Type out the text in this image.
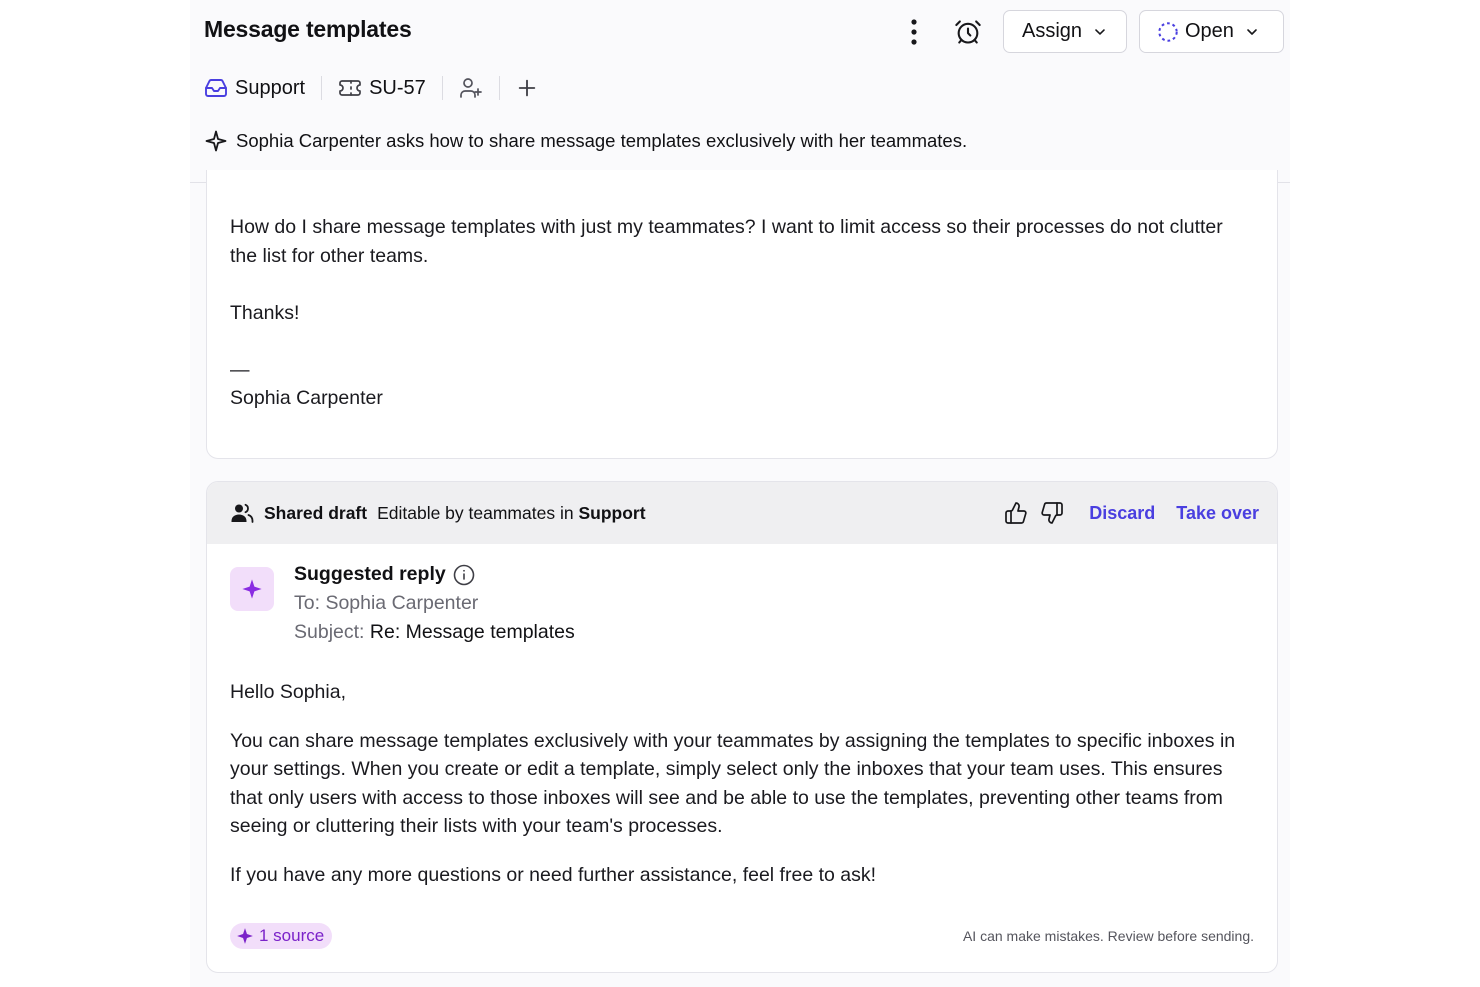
Message templates	Assign	Open
Support	SU-57
Sophia Carpenter asks how to share message templates exclusively with her teammates.

How do I share message templates with just my teammates? I want to limit access so their processes do not clutter the list for other teams.

Thanks!

—
Sophia Carpenter
Shared draft Editable by teammates in Support	Discard Take over
Suggested reply
To: Sophia Carpenter
Subject: Re: Message templates

Hello Sophia,

You can share message templates exclusively with your teammates by assigning the templates to specific inboxes in your settings. When you create or edit a template, simply select only the inboxes that your team uses. This ensures that only users with access to those inboxes will see and be able to use the templates, preventing other teams from seeing or cluttering their lists with your team's processes.

If you have any more questions or need further assistance, feel free to ask!

1 source	AI can make mistakes. Review before sending.
